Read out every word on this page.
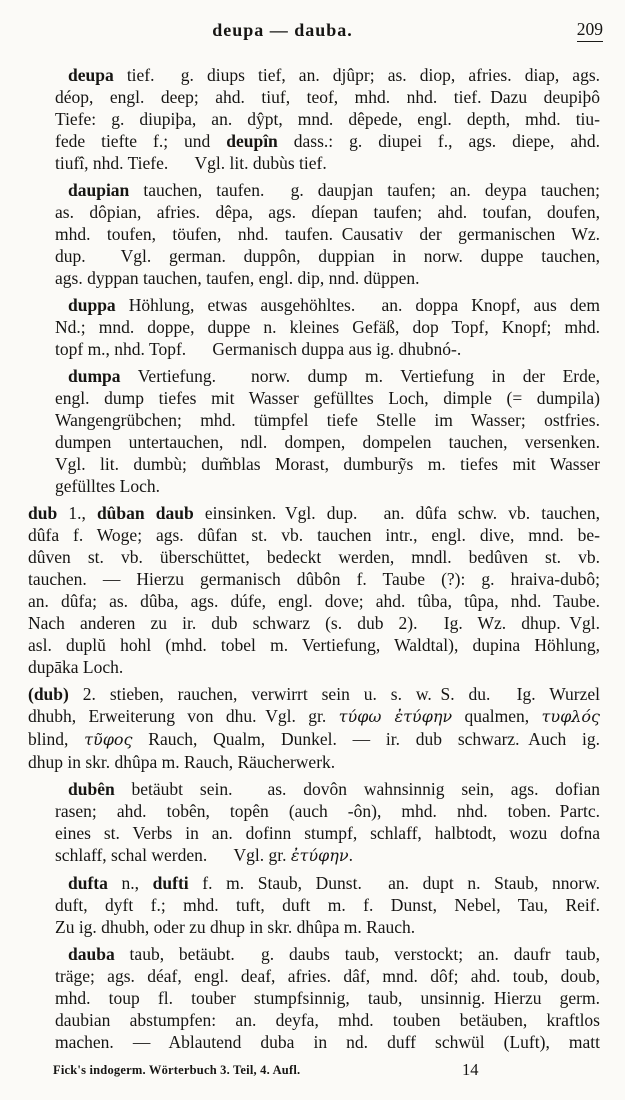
deupa — dauba.	209
deupa tief.  g. diups tief, an. djûpr; as. diop, afries. diap, ags.
déop, engl. deep; ahd. tiuf, teof, mhd. nhd. tief. Dazu deupiþô
Tiefe: g. diupiþa, an. dŷpt, mnd. dêpede, engl. depth, mhd. tiu-
fede tiefte f.; und deupîn dass.: g. diupei f., ags. diepe, ahd.
tiufî, nhd. Tiefe.  Vgl. lit. dubùs tief.
daupian tauchen, taufen.  g. daupjan taufen; an. deypa tauchen;
as. dôpian, afries. dêpa, ags. díepan taufen; ahd. toufan, doufen,
mhd. toufen, töufen, nhd. taufen. Causativ der germanischen Wz.
dup.  Vgl. german. duppôn, duppian in norw. duppe tauchen,
ags. dyppan tauchen, taufen, engl. dip, nnd. düppen.
duppa Höhlung, etwas ausgehöhltes.  an. doppa Knopf, aus dem
Nd.; mnd. doppe, duppe n. kleines Gefäß, dop Topf, Knopf; mhd.
topf m., nhd. Topf.  Germanisch duppa aus ig. dhubnó-.
dumpa Vertiefung.  norw. dump m. Vertiefung in der Erde,
engl. dump tiefes mit Wasser gefülltes Loch, dimple (= dumpila)
Wangengrübchen; mhd. tümpfel tiefe Stelle im Wasser; ostfries.
dumpen untertauchen, ndl. dompen, dompelen tauchen, versenken.
Vgl. lit. dumbù; dum̃blas Morast, dumburỹs m. tiefes mit Wasser
gefülltes Loch.
dub 1., dûban daub einsinken. Vgl. dup.  an. dûfa schw. vb. tauchen,
dûfa f. Woge; ags. dûfan st. vb. tauchen intr., engl. dive, mnd. be-
dûven st. vb. überschüttet, bedeckt werden, mndl. bedûven st. vb.
tauchen. — Hierzu germanisch dûbôn f. Taube (?): g. hraiva-dubô;
an. dûfa; as. dûba, ags. dúfe, engl. dove; ahd. tûba, tûpa, nhd. Taube.
Nach anderen zu ir. dub schwarz (s. dub 2).  Ig. Wz. dhup. Vgl.
asl. duplŭ hohl (mhd. tobel m. Vertiefung, Waldtal), dupina Höhlung,
dupāka Loch.
(dub) 2. stieben, rauchen, verwirrt sein u. s. w. S. du.  Ig. Wurzel
dhubh, Erweiterung von dhu. Vgl. gr. τύφω ἐτύφην qualmen, τυφλός
blind, τῦφος Rauch, Qualm, Dunkel. — ir. dub schwarz. Auch ig.
dhup in skr. dhûpa m. Rauch, Räucherwerk.
dubên betäubt sein.  as. dovôn wahnsinnig sein, ags. dofian
rasen; ahd. tobên, topên (auch -ôn), mhd. nhd. toben. Partc.
eines st. Verbs in an. dofinn stumpf, schlaff, halbtodt, wozu dofna
schlaff, schal werden.  Vgl. gr. ἐτύφην.
dufta n., dufti f. m. Staub, Dunst.  an. dupt n. Staub, nnorw.
duft, dyft f.; mhd. tuft, duft m. f. Dunst, Nebel, Tau, Reif.
Zu ig. dhubh, oder zu dhup in skr. dhûpa m. Rauch.
dauba taub, betäubt.  g. daubs taub, verstockt; an. daufr taub,
träge; ags. déaf, engl. deaf, afries. dâf, mnd. dôf; ahd. toub, doub,
mhd. toup fl. touber stumpfsinnig, taub, unsinnig. Hierzu germ.
daubian abstumpfen: an. deyfa, mhd. touben betäuben, kraftlos
machen. — Ablautend duba in nd. duff schwül (Luft), matt
Fick's indogerm. Wörterbuch 3. Teil, 4. Aufl.	14
